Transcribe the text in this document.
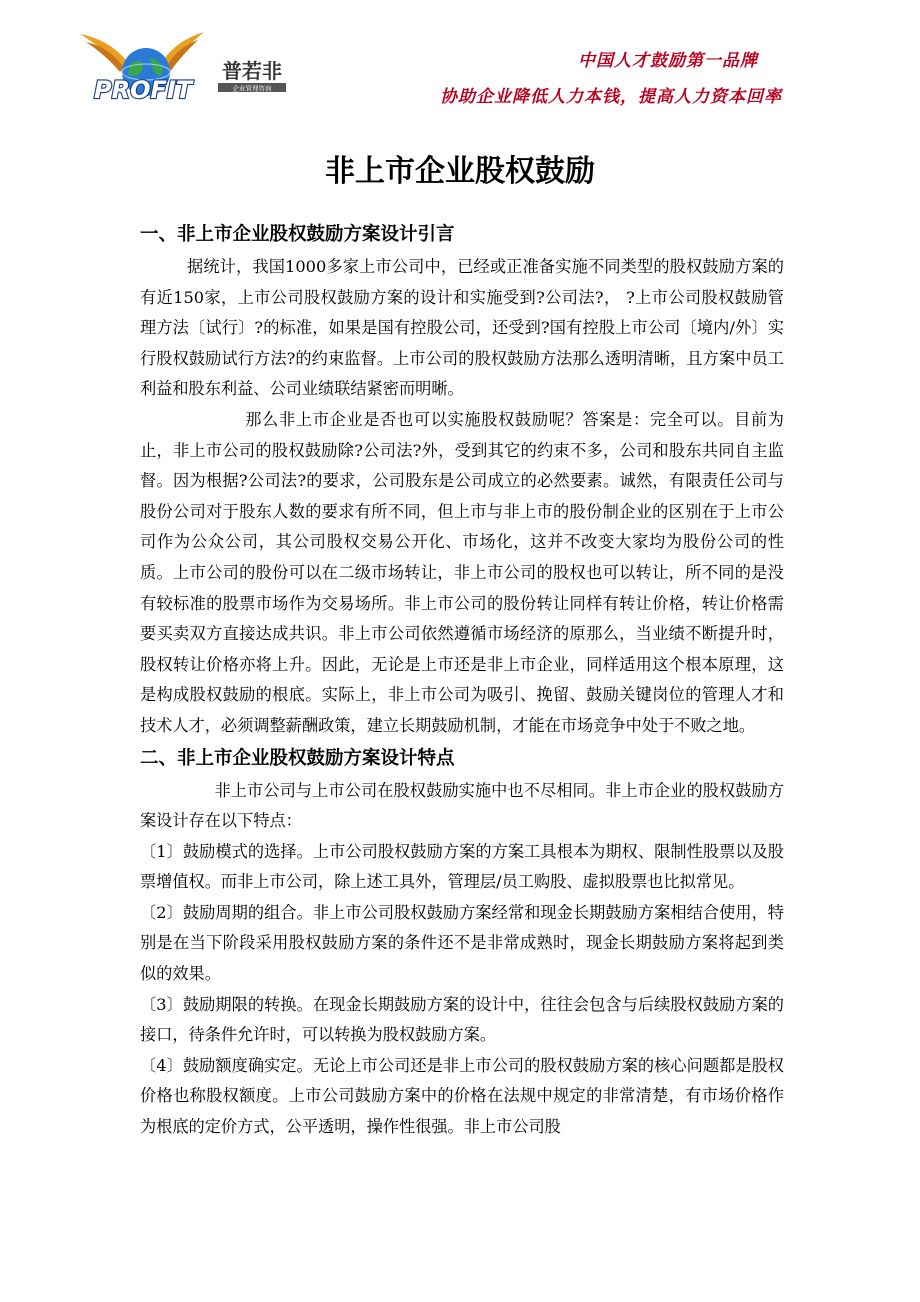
PROFIT
普若非
企业管理咨询
中国人才鼓励第一品牌
协助企业降低人力本钱，提高人力资本回率
非上市企业股权鼓励
一、非上市企业股权鼓励方案设计引言

据统计，我国1000多家上市公司中，已经或正准备实施不同类型的股权鼓励方案的有近150家，上市公司股权鼓励方案的设计和实施受到?公司法?， ?上市公司股权鼓励管理方法〔试行〕?的标准，如果是国有控股公司，还受到?国有控股上市公司〔境内/外〕实行股权鼓励试行方法?的约束监督。上市公司的股权鼓励方法那么透明清晰，且方案中员工利益和股东利益、公司业绩联结紧密而明晰。

那么非上市企业是否也可以实施股权鼓励呢？答案是：完全可以。目前为止，非上市公司的股权鼓励除?公司法?外，受到其它的约束不多，公司和股东共同自主监督。因为根据?公司法?的要求，公司股东是公司成立的必然要素。诚然，有限责任公司与股份公司对于股东人数的要求有所不同，但上市与非上市的股份制企业的区别在于上市公司作为公众公司，其公司股权交易公开化、市场化，这并不改变大家均为股份公司的性质。上市公司的股份可以在二级市场转让，非上市公司的股权也可以转让，所不同的是没有较标准的股票市场作为交易场所。非上市公司的股份转让同样有转让价格，转让价格需要买卖双方直接达成共识。非上市公司依然遵循市场经济的原那么，当业绩不断提升时，股权转让价格亦将上升。因此，无论是上市还是非上市企业，同样适用这个根本原理，这是构成股权鼓励的根底。实际上，非上市公司为吸引、挽留、鼓励关键岗位的管理人才和技术人才，必须调整薪酬政策，建立长期鼓励机制，才能在市场竞争中处于不败之地。

二、非上市企业股权鼓励方案设计特点

非上市公司与上市公司在股权鼓励实施中也不尽相同。非上市企业的股权鼓励方案设计存在以下特点：

〔1〕鼓励模式的选择。上市公司股权鼓励方案的方案工具根本为期权、限制性股票以及股票增值权。而非上市公司，除上述工具外，管理层/员工购股、虚拟股票也比拟常见。

〔2〕鼓励周期的组合。非上市公司股权鼓励方案经常和现金长期鼓励方案相结合使用，特别是在当下阶段采用股权鼓励方案的条件还不是非常成熟时，现金长期鼓励方案将起到类似的效果。

〔3〕鼓励期限的转换。在现金长期鼓励方案的设计中，往往会包含与后续股权鼓励方案的接口，待条件允许时，可以转换为股权鼓励方案。

〔4〕鼓励额度确实定。无论上市公司还是非上市公司的股权鼓励方案的核心问题都是股权价格也称股权额度。上市公司鼓励方案中的价格在法规中规定的非常清楚，有市场价格作为根底的定价方式，公平透明，操作性很强。非上市公司股
